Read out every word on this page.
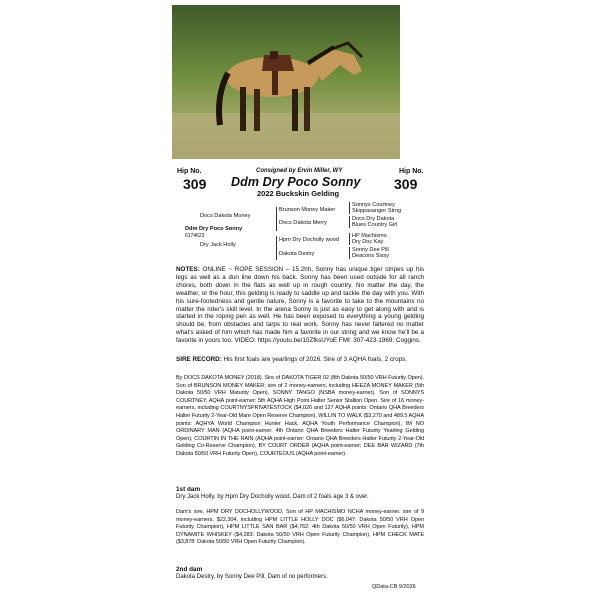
Hip No.
309
Hip No.
309
Consigned by Ervin Miller, WY
Ddm Dry Poco Sonny
2022 Buckskin Gelding
Docs Dakota Money
Ddm Dry Poco Sonny
6174623
Dry Jack Holly
Brunson Money Maker
Docs Dakota Merry
Hpm Dry Docholly wood
Dakota Destry
Sonnys Courtney
Skippasanger Strng
Docs Dry Dakota
Blues Country Girl
HP Machismo
Dry Doc Kay
Sonny Dee Pill
Deacons Sissy
NOTES: ONLINE ~ ROPE SESSION – 15.2hh, Sonny has unique tiger stripes up his legs as well as a dun line down his back. Sonny has been used outside for all ranch chores, both down in the flats as well up in rough country. No matter the day, the weather, or the hour, this gelding is ready to saddle up and tackle the day with you. With his sure-footedness and gentle nature, Sonny is a favorite to take to the mountains no matter the rider's skill level. In the arena Sonny is just as easy to get along with and is started in the roping pen as well. He has been exposed to everything a young gelding should be, from obstacles and tarps to real work. Sonny has never faltered no matter what's asked of him which has made him a favorite in our string and we know he'll be a favorite in yours too. VIDEO: https://youtu.be/10ZfksUYoE FMI: 307-423-1969. Coggins.
SIRE RECORD: His first foals are yearlings of 2026. Sire of 3 AQHA foals, 2 crops.
By DOCS DAKOTA MONEY (2018). Sire of DAKOTA TIGER 02 (8th Dakota 50/50 VRH Futurity Open). Son of BRUNSON MONEY MAKER; sire of 2 money-earners, including HEEZA MONEY MAKER (5th Dakota 50/50 VRH Maturity Open), SONNY TANGO (NSBA money-earner). Son of SONNYS COURTNEY, AQHA point-earner: 5th AQHA High Point Halter Senior Stallion Open. Sire of 16 money-earners, including COURTNYSPRIVATESTOCK ($4,026 and 127 AQHA points: Ontario QHA Breeders Halter Futurity 2-Year-Old Mare Open Reserve Champion), WILLIN TO WALK ($3,270 and 489.5 AQHA points: AQHYA World Champion Hunter Hack, AQHA Youth Performance Champion), IM NO ORDINARY MAN (AQHA point-earner: 4th Ontario QHA Breeders Halter Futurity Yearling Gelding Open), COURTIN IN THE RAIN (AQHA point-earner: Ontario QHA Breeders Halter Futurity 2-Year-Old Gelding Co-Reserve Champion), BY COURT ORDER (AQHA point-earner; DEE BAR WIZARD (7th Dakota 50/50 VRH Futurity Open), COURTEOUS (AQHA point-earner).
1st dam
Dry Jack Holly, by Hpm Dry Docholly wood. Dam of 2 foals age 3 & over.
Dam's sire, HPM DRY DOCHOLLYWOOD, Son of HP MACHISMO NCHA money-earner. sire of 9 money-earners, $22,304, including HPM LITTLE HOLLY DOC ($6,047: Dakota 50/50 VRH Open Futurity Champion), HPM LITTLE SAN BAR ($4,762: 4th Dakota 50/50 VRH Open Futurity), HPM DYNAMITE WHISKEY ($4,283: Dakota 50/50 VRH Open Futurity Champion), HPM CHECK MATE ($3,878: Dakota 50/50 VRH Open Futurity Champion).
2nd dam
Dakota Destry, by Sonny Dee Pill. Dam of no performers.
QData-CB 9/2026
